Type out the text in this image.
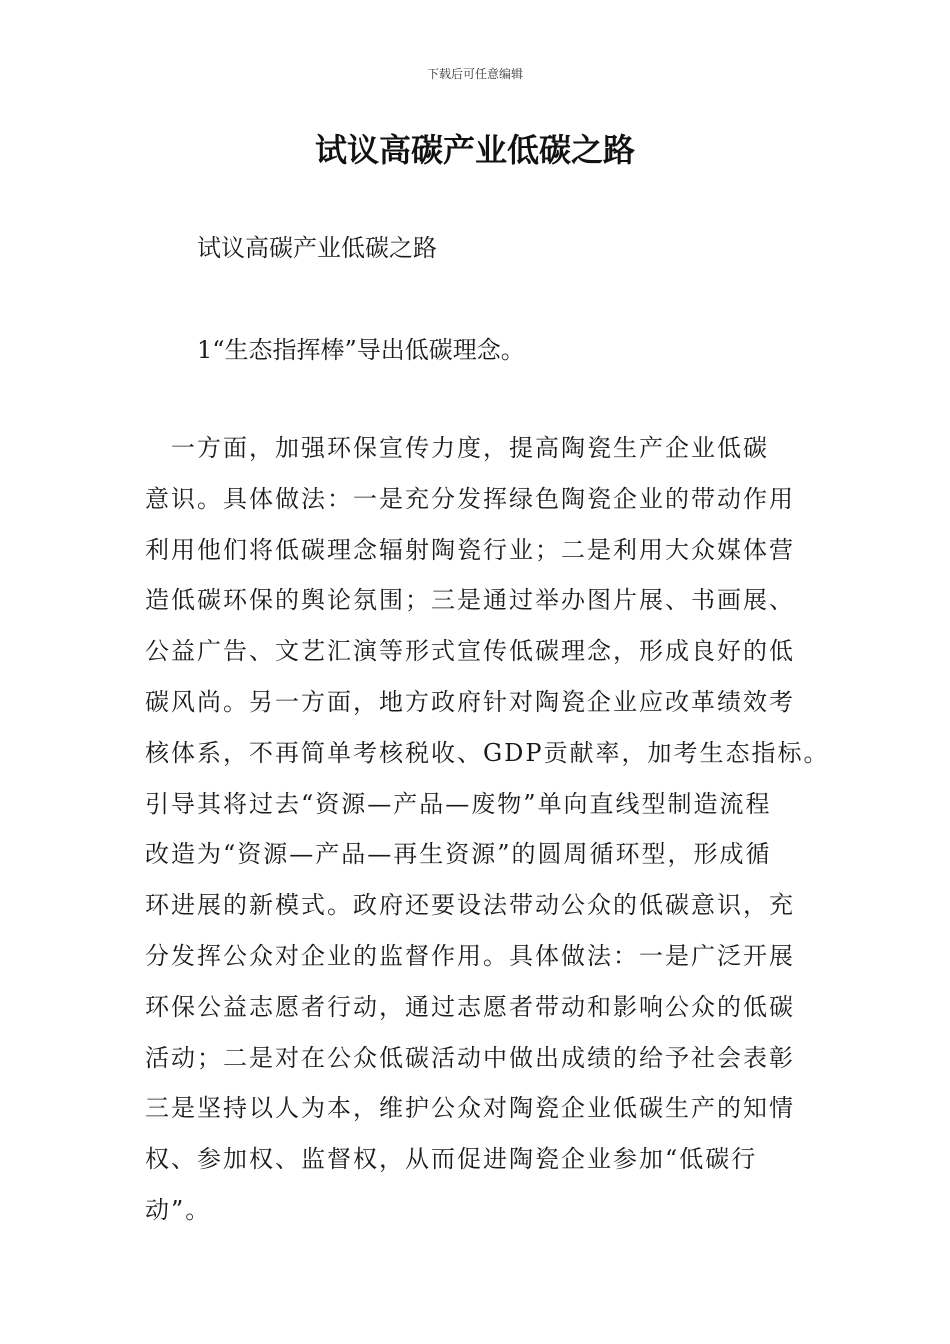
下载后可任意编辑
试议高碳产业低碳之路
试议高碳产业低碳之路
1“生态指挥棒”导出低碳理念。
　一方面，加强环保宣传力度，提高陶瓷生产企业低碳
意识。具体做法：一是充分发挥绿色陶瓷企业的带动作用
利用他们将低碳理念辐射陶瓷行业；二是利用大众媒体营
造低碳环保的舆论氛围；三是通过举办图片展、书画展、
公益广告、文艺汇演等形式宣传低碳理念，形成良好的低
碳风尚。另一方面，地方政府针对陶瓷企业应改革绩效考
核体系，不再简单考核税收、GDP贡献率，加考生态指标。
引导其将过去“资源—产品—废物”单向直线型制造流程
改造为“资源—产品—再生资源”的圆周循环型，形成循
环进展的新模式。政府还要设法带动公众的低碳意识，充
分发挥公众对企业的监督作用。具体做法：一是广泛开展
环保公益志愿者行动，通过志愿者带动和影响公众的低碳
活动；二是对在公众低碳活动中做出成绩的给予社会表彰
三是坚持以人为本，维护公众对陶瓷企业低碳生产的知情
权、参加权、监督权，从而促进陶瓷企业参加“低碳行
动”。
